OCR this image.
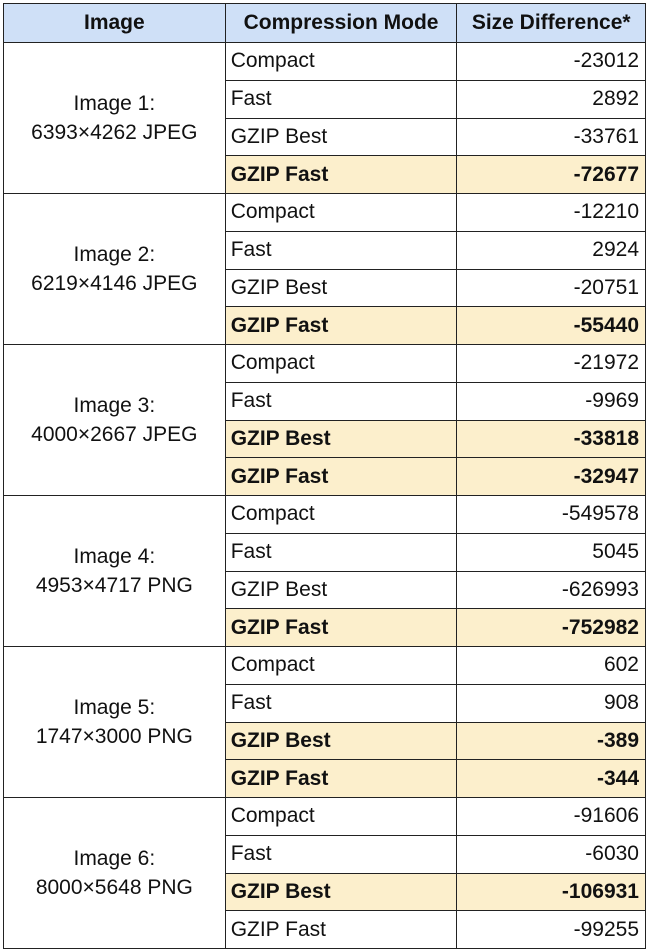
Image	Compression Mode	Size Difference*

Image 1:
6393×4262 JPEG	Compact	-23012
	Fast	2892
	GZIP Best	-33761
	GZIP Fast	-72677

Image 2:
6219×4146 JPEG	Compact	-12210
	Fast	2924
	GZIP Best	-20751
	GZIP Fast	-55440

Image 3:
4000×2667 JPEG	Compact	-21972
	Fast	-9969
	GZIP Best	-33818
	GZIP Fast	-32947

Image 4:
4953×4717 PNG	Compact	-549578
	Fast	5045
	GZIP Best	-626993
	GZIP Fast	-752982

Image 5:
1747×3000 PNG	Compact	602
	Fast	908
	GZIP Best	-389
	GZIP Fast	-344

Image 6:
8000×5648 PNG	Compact	-91606
	Fast	-6030
	GZIP Best	-106931
	GZIP Fast	-99255
